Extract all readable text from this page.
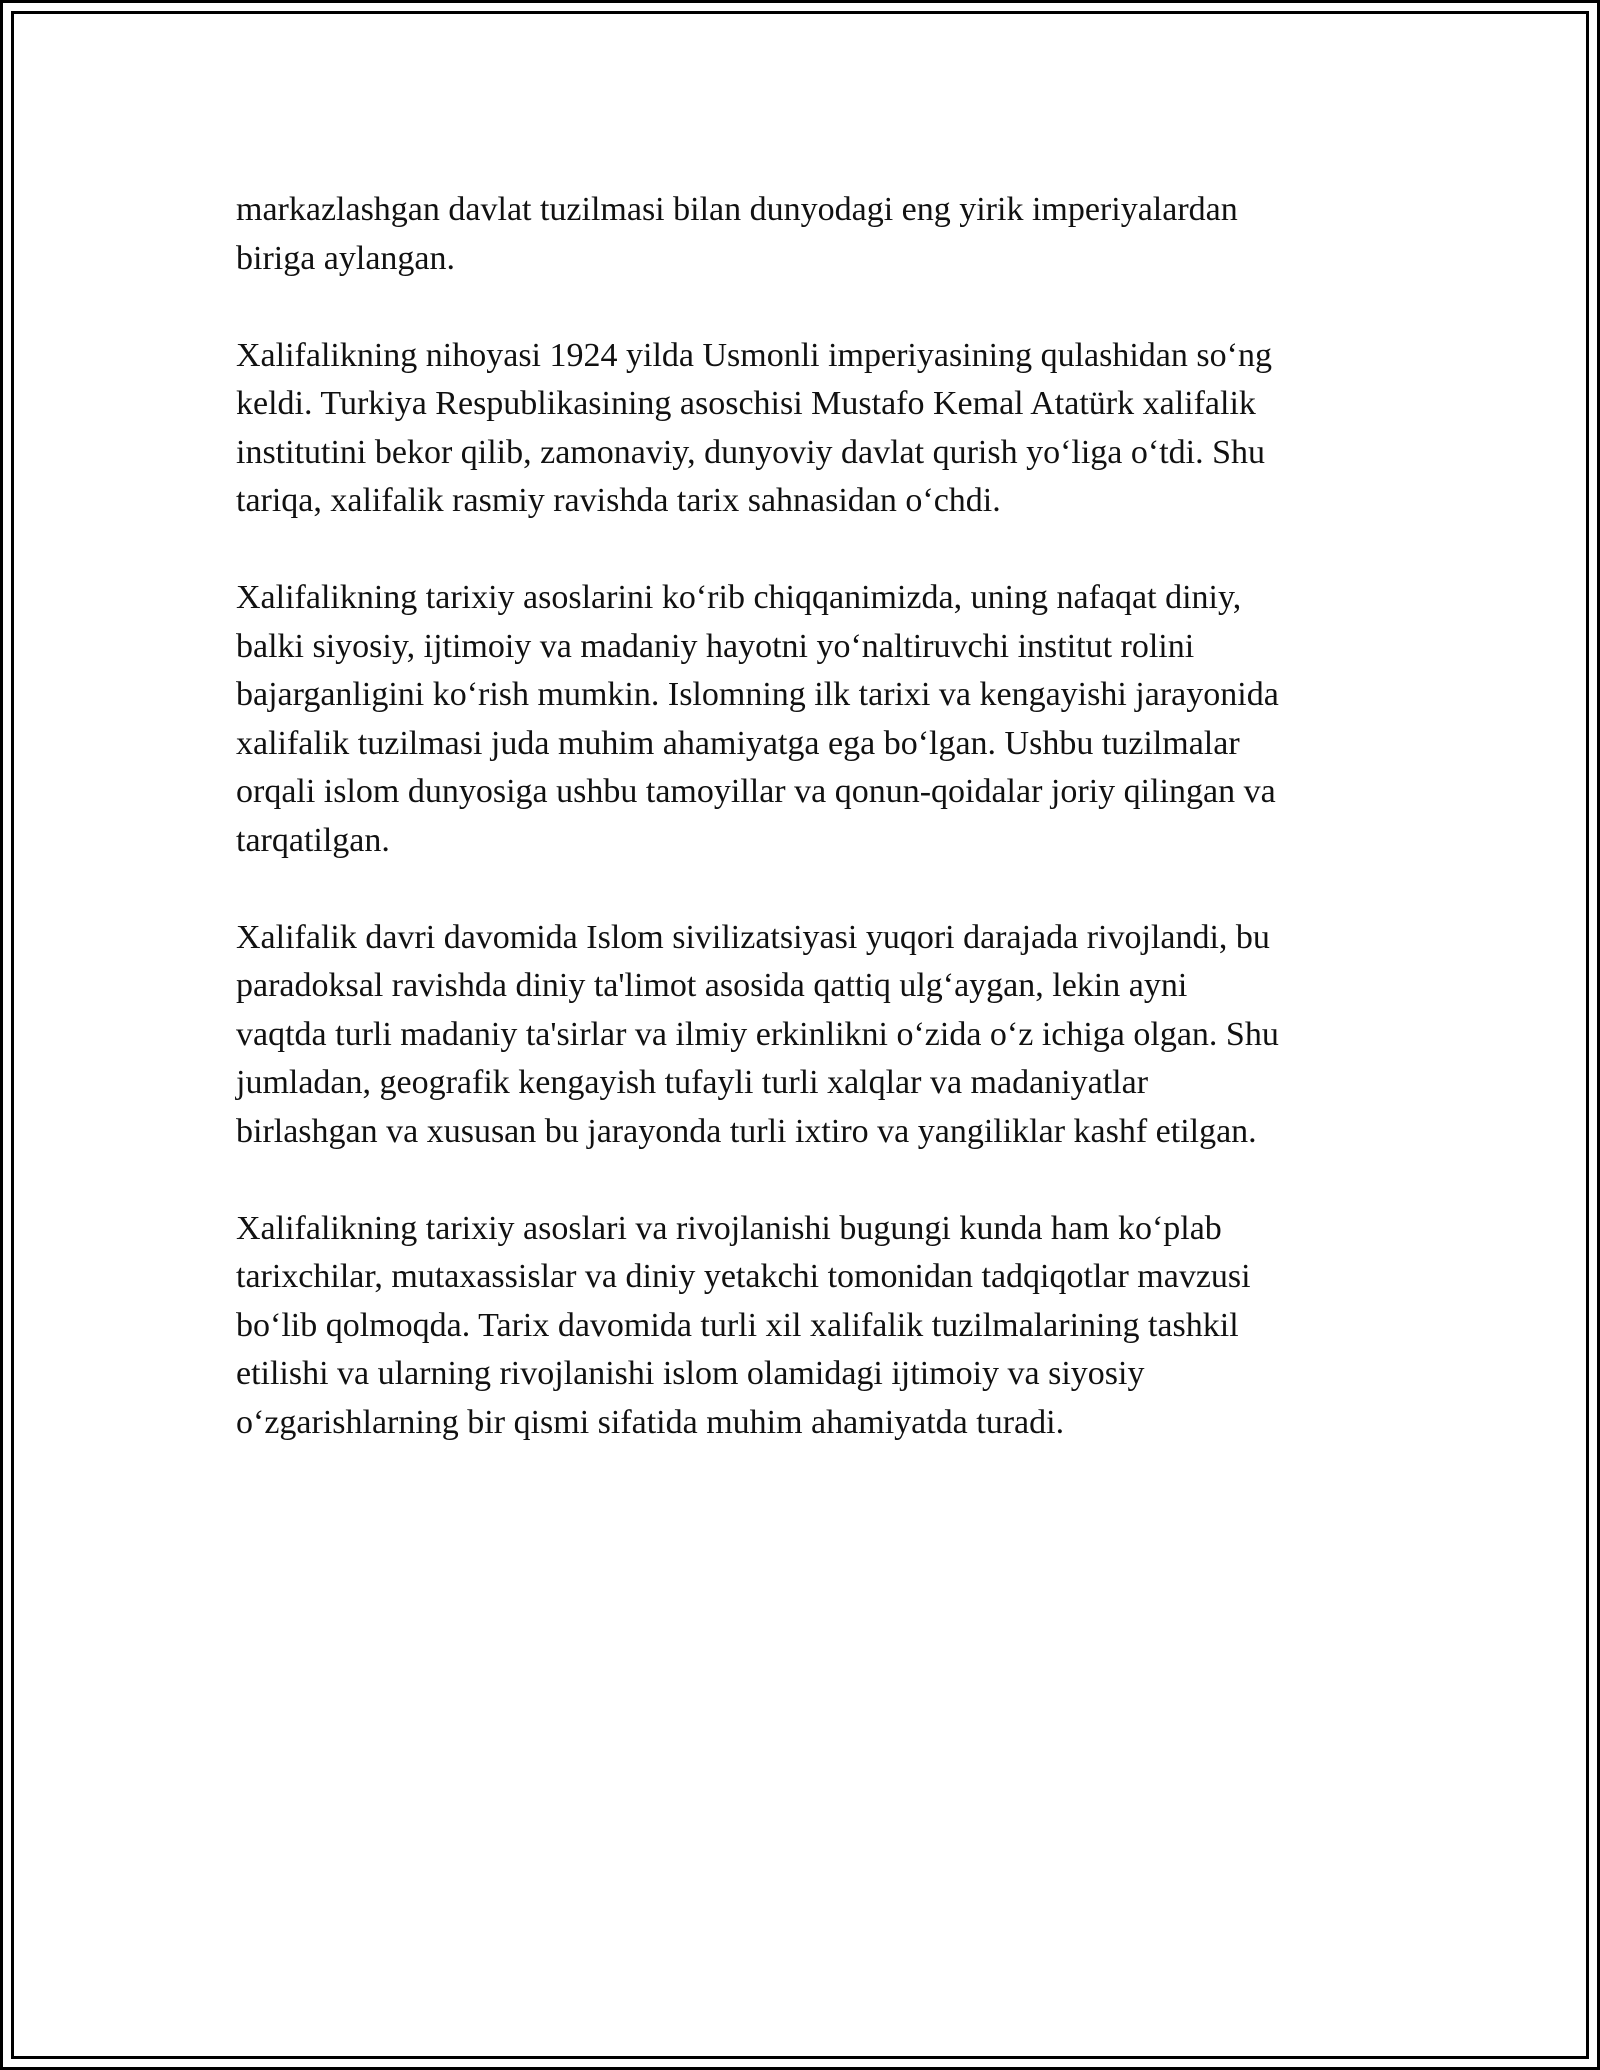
markazlashgan davlat tuzilmasi bilan dunyodagi eng yirik imperiyalardan
biriga aylangan.

Xalifalikning nihoyasi 1924 yilda Usmonli imperiyasining qulashidan so‘ng
keldi. Turkiya Respublikasining asoschisi Mustafo Kemal Atatürk xalifalik
institutini bekor qilib, zamonaviy, dunyoviy davlat qurish yo‘liga o‘tdi. Shu
tariqa, xalifalik rasmiy ravishda tarix sahnasidan o‘chdi.

Xalifalikning tarixiy asoslarini ko‘rib chiqqanimizda, uning nafaqat diniy,
balki siyosiy, ijtimoiy va madaniy hayotni yo‘naltiruvchi institut rolini
bajarganligini ko‘rish mumkin. Islomning ilk tarixi va kengayishi jarayonida
xalifalik tuzilmasi juda muhim ahamiyatga ega bo‘lgan. Ushbu tuzilmalar
orqali islom dunyosiga ushbu tamoyillar va qonun-qoidalar joriy qilingan va
tarqatilgan.

Xalifalik davri davomida Islom sivilizatsiyasi yuqori darajada rivojlandi, bu
paradoksal ravishda diniy ta'limot asosida qattiq ulg‘aygan, lekin ayni
vaqtda turli madaniy ta'sirlar va ilmiy erkinlikni o‘zida o‘z ichiga olgan. Shu
jumladan, geografik kengayish tufayli turli xalqlar va madaniyatlar
birlashgan va xususan bu jarayonda turli ixtiro va yangiliklar kashf etilgan.

Xalifalikning tarixiy asoslari va rivojlanishi bugungi kunda ham ko‘plab
tarixchilar, mutaxassislar va diniy yetakchi tomonidan tadqiqotlar mavzusi
bo‘lib qolmoqda. Tarix davomida turli xil xalifalik tuzilmalarining tashkil
etilishi va ularning rivojlanishi islom olamidagi ijtimoiy va siyosiy
o‘zgarishlarning bir qismi sifatida muhim ahamiyatda turadi.
